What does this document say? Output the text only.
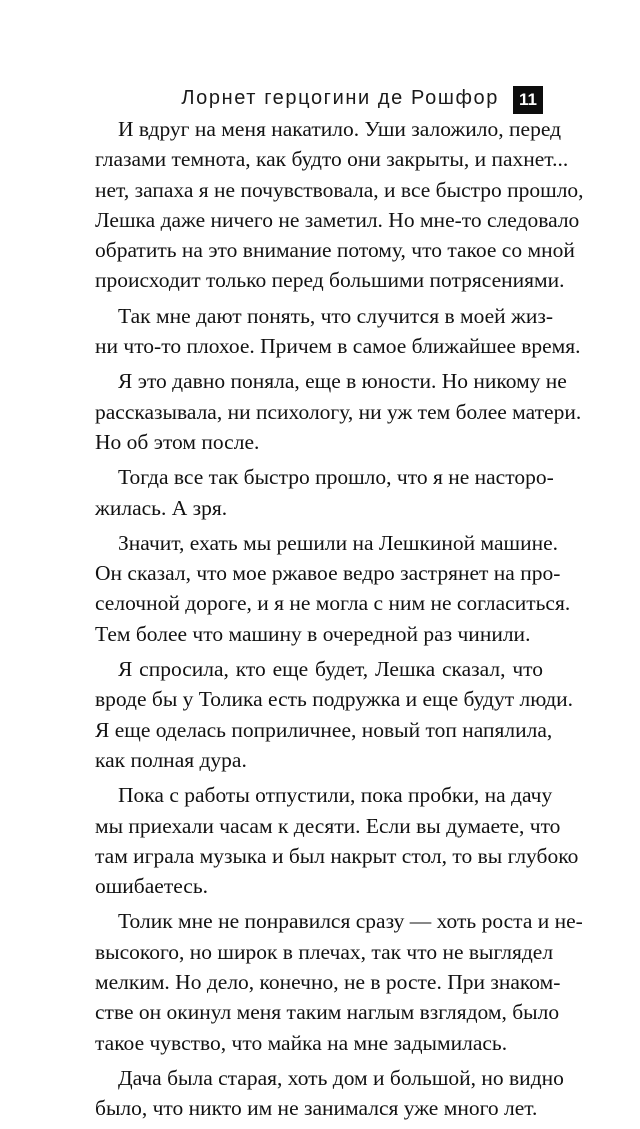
Лорнет герцогини де Рошфор	11
И вдруг на меня накатило. Уши заложило, перед
глазами темнота, как будто они закрыты, и пахнет...
нет, запаха я не почувствовала, и все быстро прошло,
Лешка даже ничего не заметил. Но мне-то следовало
обратить на это внимание потому, что такое со мной
происходит только перед большими потрясениями.
Так мне дают понять, что случится в моей жиз-
ни что-то плохое. Причем в самое ближайшее время.
Я это давно поняла, еще в юности. Но никому не
рассказывала, ни психологу, ни уж тем более матери.
Но об этом после.
Тогда все так быстро прошло, что я не насторо-
жилась. А зря.
Значит, ехать мы решили на Лешкиной машине.
Он сказал, что мое ржавое ведро застрянет на про-
селочной дороге, и я не могла с ним не согласиться.
Тем более что машину в очередной раз чинили.
Я спросила, кто еще будет, Лешка сказал, что
вроде бы у Толика есть подружка и еще будут люди.
Я еще оделась поприличнее, новый топ напялила,
как полная дура.
Пока с работы отпустили, пока пробки, на дачу
мы приехали часам к десяти. Если вы думаете, что
там играла музыка и был накрыт стол, то вы глубоко
ошибаетесь.
Толик мне не понравился сразу — хоть роста и не-
высокого, но широк в плечах, так что не выглядел
мелким. Но дело, конечно, не в росте. При знаком-
стве он окинул меня таким наглым взглядом, было
такое чувство, что майка на мне задымилась.
Дача была старая, хоть дом и большой, но видно
было, что никто им не занимался уже много лет.
